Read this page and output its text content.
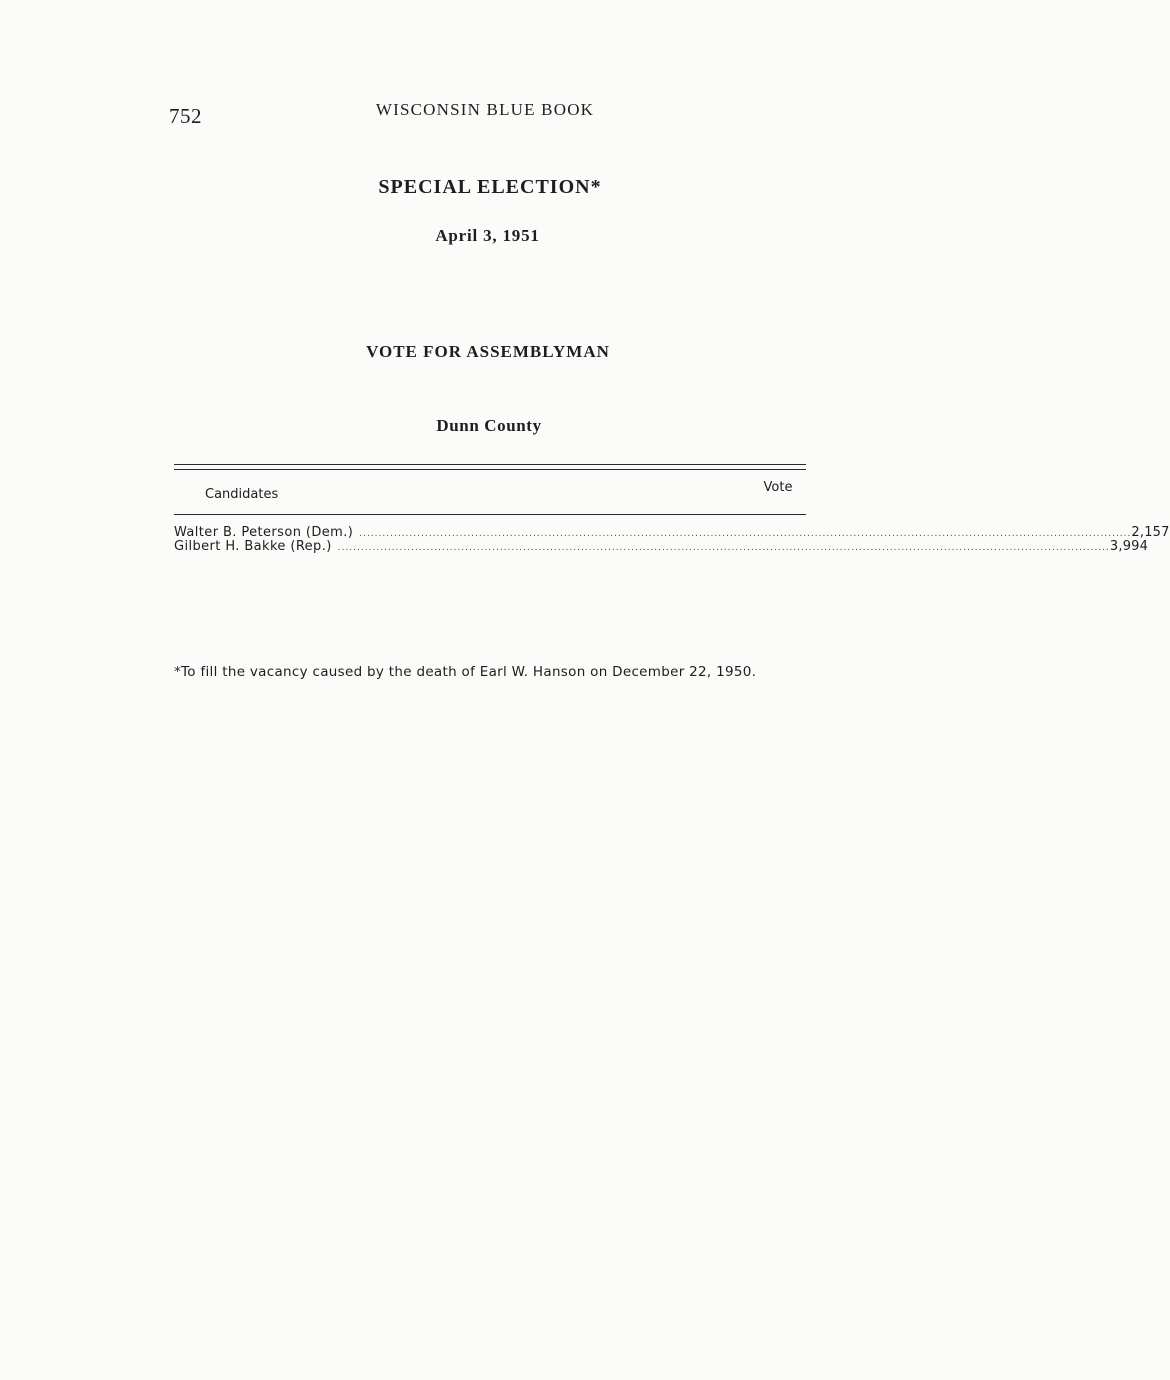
752	WISCONSIN BLUE BOOK
SPECIAL ELECTION*
April 3, 1951
VOTE FOR ASSEMBLYMAN
Dunn County
Candidates	Vote
Walter B. Peterson (Dem.) ........................................................................................................................................................................................................ 2,157
Gilbert H. Bakke (Rep.) ........................................................................................................................................................................................................ 3,994
*To fill the vacancy caused by the death of Earl W. Hanson on December 22, 1950.
